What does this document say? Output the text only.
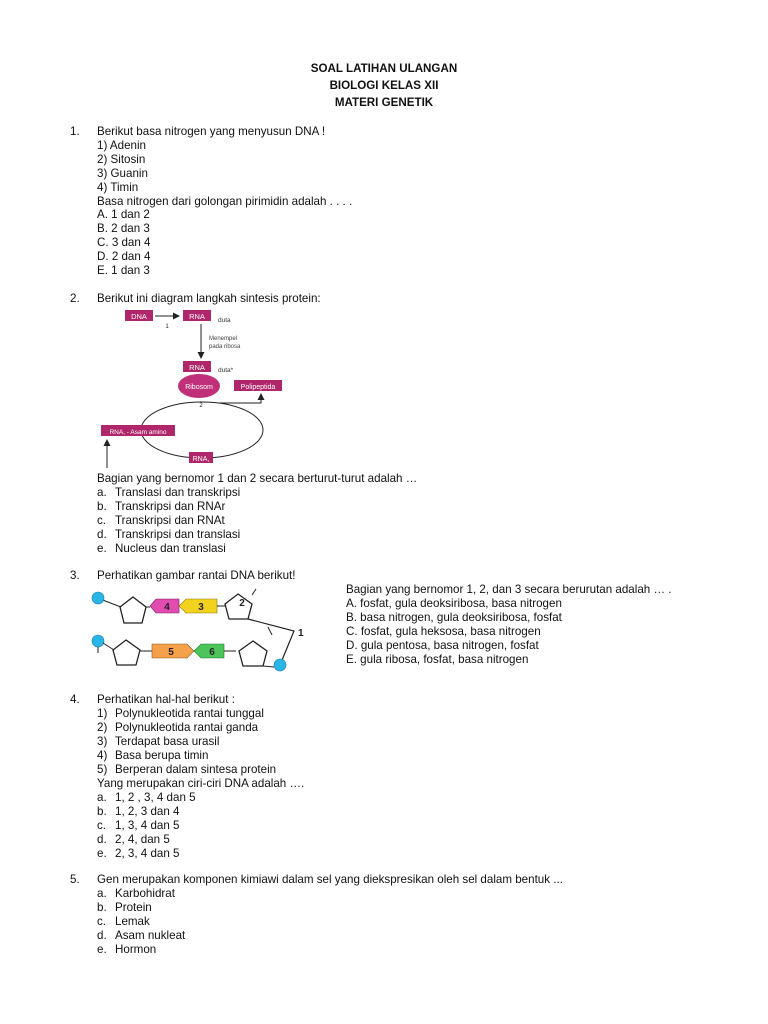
SOAL LATIHAN ULANGAN
BIOLOGI KELAS XII
MATERI GENETIK
1. Berikut basa nitrogen yang menyusun DNA !
1) Adenin
2) Sitosin
3) Guanin
4) Timin
Basa nitrogen dari golongan pirimidin adalah . . . .
A. 1 dan 2
B. 2 dan 3
C. 3 dan 4
D. 2 dan 4
E. 1 dan 3
2. Berikut ini diagram langkah sintesis protein:
DNA
1
RNA duta
Menempel
pada ribosa
RNA duta*
Ribosom
2
Polipeptida
RNA, - Asam amino
RNA,
Bagian yang bernomor 1 dan 2 secara berturut-turut adalah …
a. Translasi dan transkripsi
b. Transkripsi dan RNAr
c. Transkripsi dan RNAt
d. Transkripsi dan translasi
e. Nucleus dan translasi
3. Perhatikan gambar rantai DNA berikut!
4	3	2
1
5	6
Bagian yang bernomor 1, 2, dan 3 secara berurutan adalah … .
A. fosfat, gula deoksiribosa, basa nitrogen
B. basa nitrogen, gula deoksiribosa, fosfat
C. fosfat, gula heksosa, basa nitrogen
D. gula pentosa, basa nitrogen, fosfat
E. gula ribosa, fosfat, basa nitrogen
4. Perhatikan hal-hal berikut :
1) Polynukleotida rantai tunggal
2) Polynukleotida rantai ganda
3) Terdapat basa urasil
4) Basa berupa timin
5) Berperan dalam sintesa protein
Yang merupakan ciri-ciri DNA adalah ….
a. 1, 2 , 3, 4 dan 5
b. 1, 2, 3 dan 4
c. 1, 3, 4 dan 5
d. 2, 4, dan 5
e. 2, 3, 4 dan 5
5. Gen merupakan komponen kimiawi dalam sel yang diekspresikan oleh sel dalam bentuk ...
a. Karbohidrat
b. Protein
c. Lemak
d. Asam nukleat
e. Hormon
